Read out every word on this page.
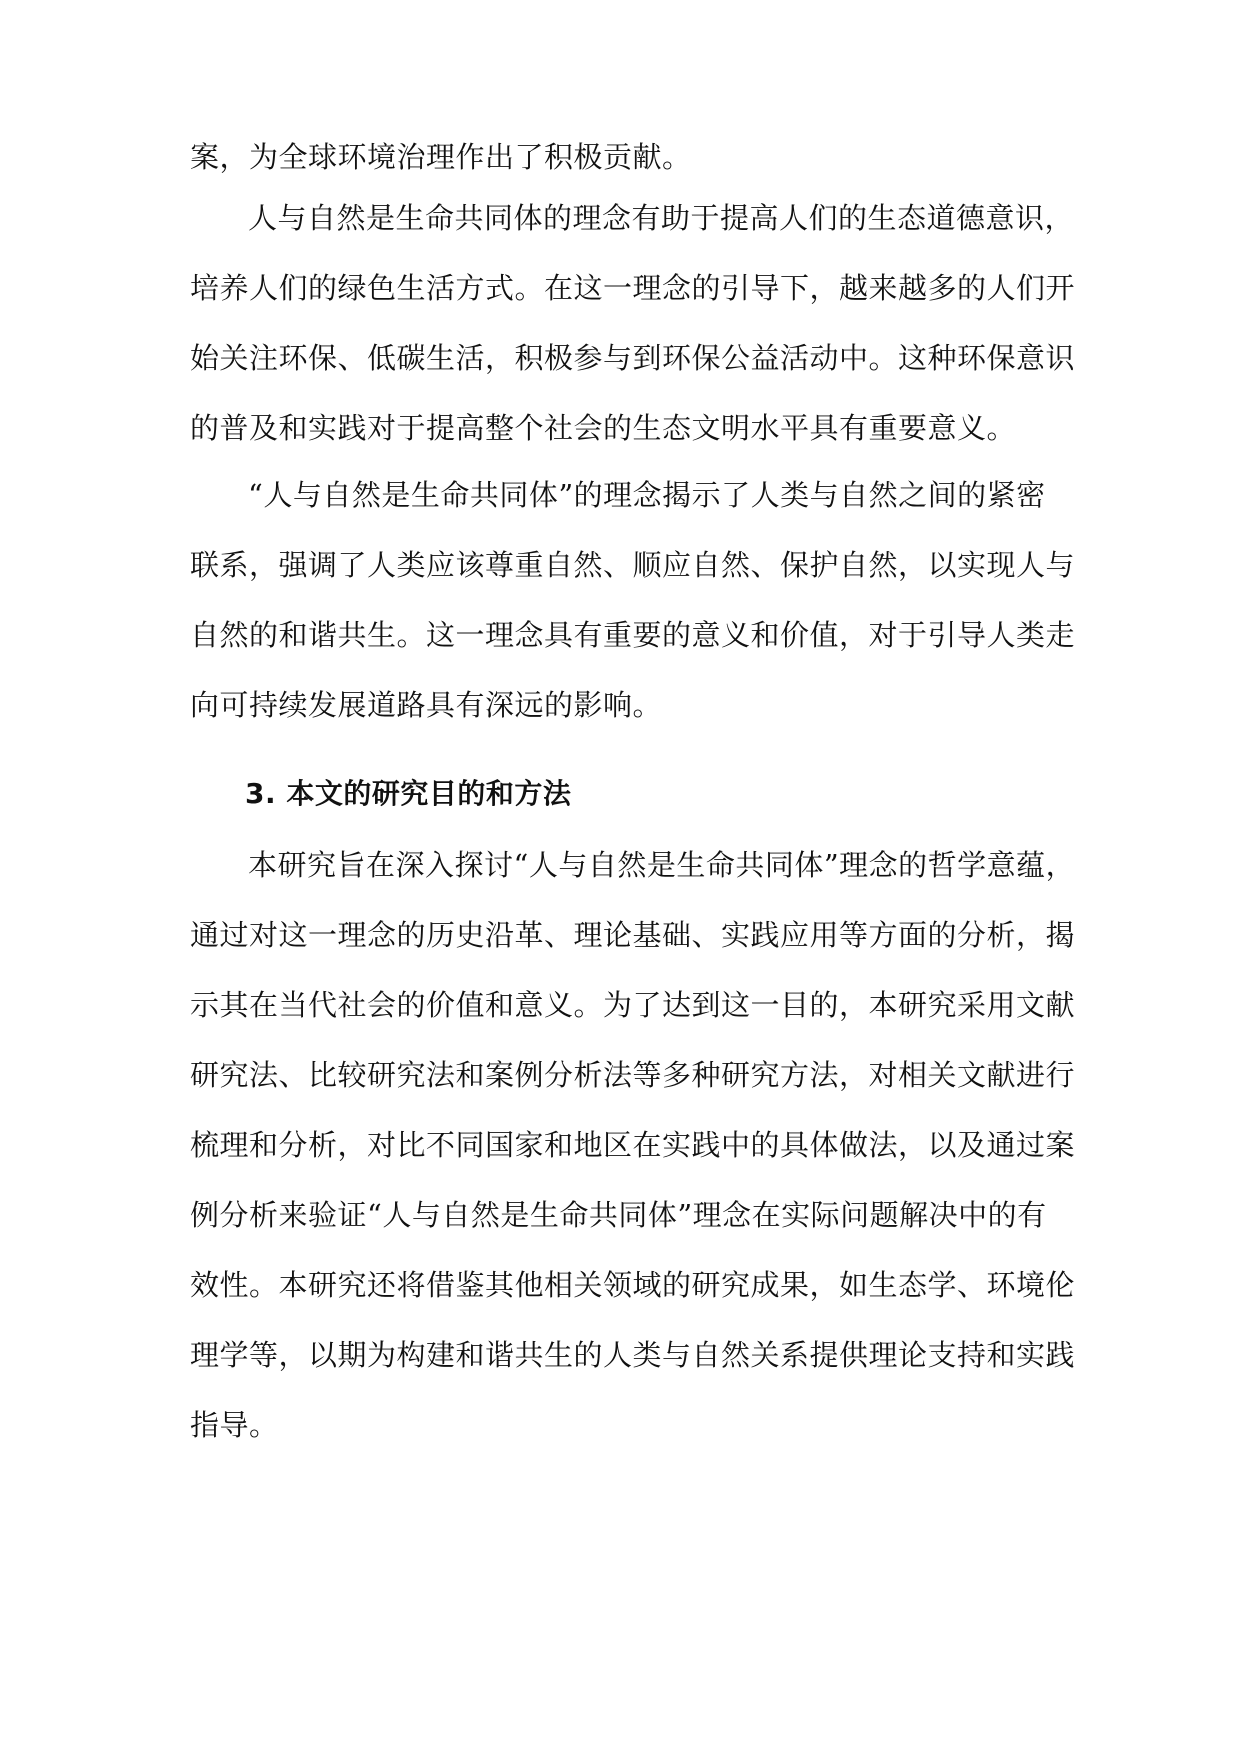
案，为全球环境治理作出了积极贡献。
人与自然是生命共同体的理念有助于提高人们的生态道德意识，
培养人们的绿色生活方式。在这一理念的引导下，越来越多的人们开
始关注环保、低碳生活，积极参与到环保公益活动中。这种环保意识
的普及和实践对于提高整个社会的生态文明水平具有重要意义。
“人与自然是生命共同体”的理念揭示了人类与自然之间的紧密
联系，强调了人类应该尊重自然、顺应自然、保护自然，以实现人与
自然的和谐共生。这一理念具有重要的意义和价值，对于引导人类走
向可持续发展道路具有深远的影响。
3. 本文的研究目的和方法
本研究旨在深入探讨“人与自然是生命共同体”理念的哲学意蕴，
通过对这一理念的历史沿革、理论基础、实践应用等方面的分析，揭
示其在当代社会的价值和意义。为了达到这一目的，本研究采用文献
研究法、比较研究法和案例分析法等多种研究方法，对相关文献进行
梳理和分析，对比不同国家和地区在实践中的具体做法，以及通过案
例分析来验证“人与自然是生命共同体”理念在实际问题解决中的有
效性。本研究还将借鉴其他相关领域的研究成果，如生态学、环境伦
理学等，以期为构建和谐共生的人类与自然关系提供理论支持和实践
指导。
